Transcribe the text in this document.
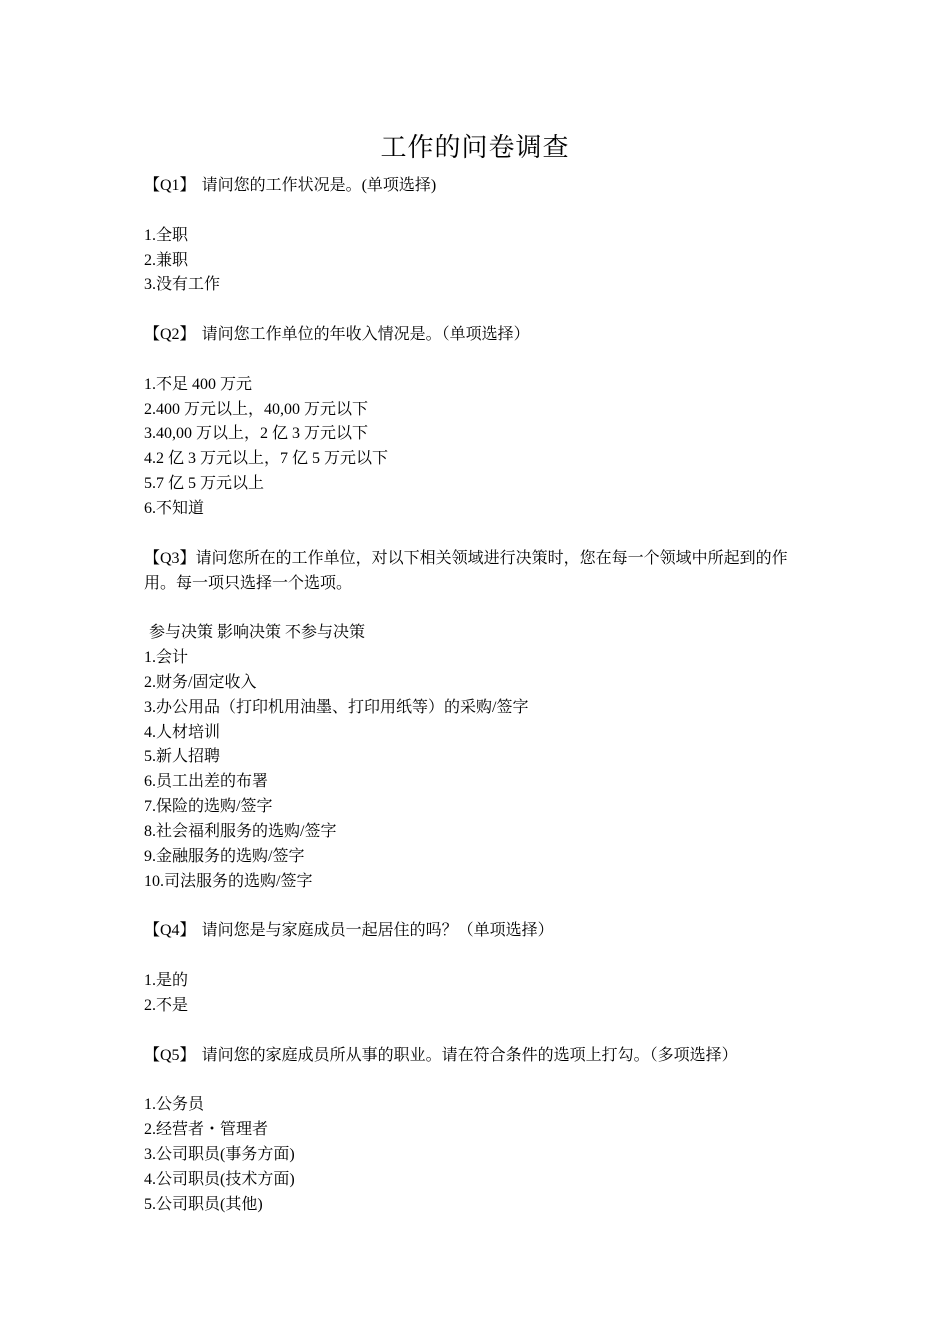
工作的问卷调查
【Q1】 请问您的工作状况是。(单项选择)
1.全职
2.兼职
3.没有工作
【Q2】 请问您工作单位的年收入情况是。（单项选择）
1.不足 400 万元
2.400 万元以上，40,00 万元以下
3.40,00 万以上，2 亿 3 万元以下
4.2 亿 3 万元以上，7 亿 5 万元以下
5.7 亿 5 万元以上
6.不知道
【Q3】请问您所在的工作单位，对以下相关领域进行决策时，您在每一个领域中所起到的作
用。每一项只选择一个选项。
参与决策 影响决策 不参与决策
1.会计
2.财务/固定收入
3.办公用品（打印机用油墨、打印用纸等）的采购/签字
4.人材培训
5.新人招聘
6.员工出差的布署
7.保险的选购/签字
8.社会福利服务的选购/签字
9.金融服务的选购/签字
10.司法服务的选购/签字
【Q4】 请问您是与家庭成员一起居住的吗？（单项选择）
1.是的
2.不是
【Q5】 请问您的家庭成员所从事的职业。请在符合条件的选项上打勾。（多项选择）
1.公务员
2.经营者・管理者
3.公司职员(事务方面)
4.公司职员(技术方面)
5.公司职员(其他)
